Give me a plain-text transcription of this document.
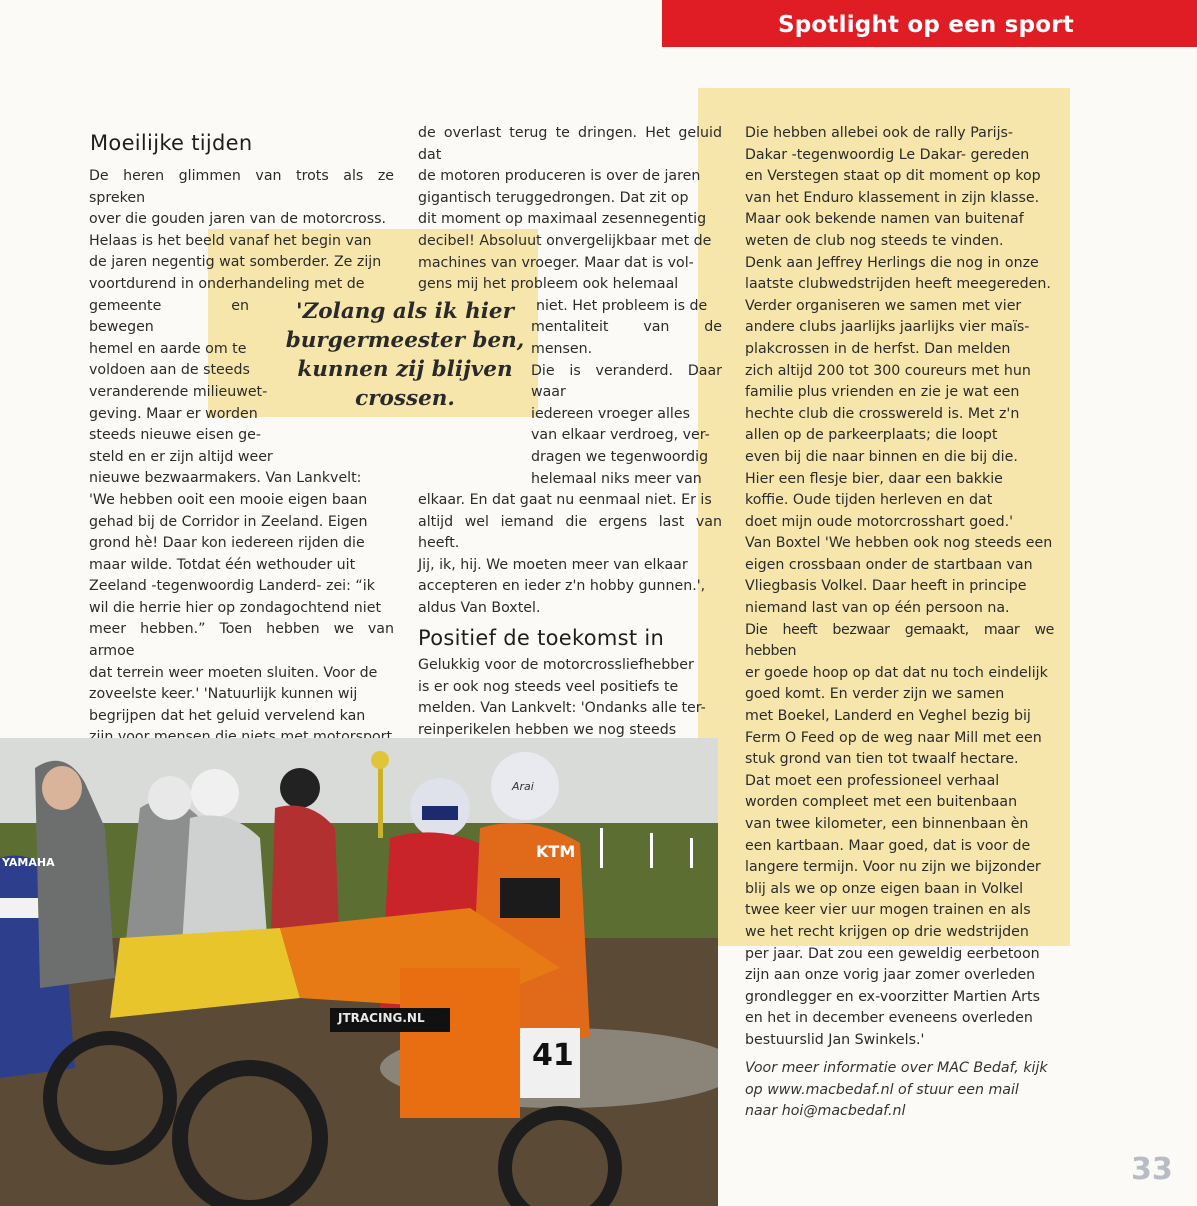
Spotlight op een sport
Moeilijke tijden

De heren glimmen van trots als ze spreken

over die gouden jaren van de motorcross.

Helaas is het beeld vanaf het begin van

de jaren negentig wat somberder. Ze zijn

voortdurend in onderhandeling met de

gemeente en bewegen

hemel en aarde om te

voldoen aan de steeds

veranderende milieuwet-

geving. Maar er worden

steeds nieuwe eisen ge-

steld en er zijn altijd weer

nieuwe bezwaarmakers. Van Lankvelt:

'We hebben ooit een mooie eigen baan

gehad bij de Corridor in Zeeland. Eigen

grond hè! Daar kon iedereen rijden die

maar wilde. Totdat één wethouder uit

Zeeland -tegenwoordig Landerd- zei: “ik

wil die herrie hier op zondagochtend niet

meer hebben.” Toen hebben we van armoe

dat terrein weer moeten sluiten. Voor de

zoveelste keer.' 'Natuurlijk kunnen wij

begrijpen dat het geluid vervelend kan

'Zolang als ik hier
burgermeester ben,
kunnen zij blijven
crossen.

de overlast terug te dringen. Het geluid dat

de motoren produceren is over de jaren

gigantisch teruggedrongen. Dat zit op

dit moment op maximaal zesennegentig

decibel! Absoluut onvergelijkbaar met de

machines van vroeger. Maar dat is vol-

gens mij het probleem ook helemaal

niet. Het probleem is de

mentaliteit van de mensen.

Die is veranderd. Daar waar

iedereen vroeger alles

van elkaar verdroeg, ver-

dragen we tegenwoordig

helemaal niks meer van

elkaar. En dat gaat nu eenmaal niet. Er is

altijd wel iemand die ergens last van heeft.

Jij, ik, hij. We moeten meer van elkaar

accepteren en ieder z'n hobby gunnen.',

aldus Van Boxtel.

Positief de toekomst in

Gelukkig voor de motorcrossliefhebber

is er ook nog steeds veel positiefs te

melden. Van Lankvelt: 'Ondanks alle ter-

reinperikelen hebben we nog steeds

Die hebben allebei ook de rally Parijs-

Dakar -tegenwoordig Le Dakar- gereden

en Verstegen staat op dit moment op kop

van het Enduro klassement in zijn klasse.

Maar ook bekende namen van buitenaf

weten de club nog steeds te vinden.

Denk aan Jeffrey Herlings die nog in onze

laatste clubwedstrijden heeft meegereden.

Verder organiseren we samen met vier

andere clubs jaarlijks jaarlijks vier maïs-

plakcrossen in de herfst. Dan melden

zich altijd 200 tot 300 coureurs met hun

familie plus vrienden en zie je wat een

hechte club die crosswereld is. Met z'n

allen op de parkeerplaats; die loopt

even bij die naar binnen en die bij die.

Hier een flesje bier, daar een bakkie

koffie. Oude tijden herleven en dat

doet mijn oude motorcrosshart goed.'

Van Boxtel 'We hebben ook nog steeds een

eigen crossbaan onder de startbaan van

Vliegbasis Volkel. Daar heeft in principe

niemand last van op één persoon na.

Die heeft bezwaar gemaakt, maar we hebben

er goede hoop op dat dat nu toch eindelijk

goed komt. En verder zijn we samen

met Boekel, Landerd en Veghel bezig bij

Ferm O Feed op de weg naar Mill met een

stuk grond van tien tot twaalf hectare.

Dat moet een professioneel verhaal

worden compleet met een buitenbaan

van twee kilometer, een binnenbaan èn

een kartbaan. Maar goed, dat is voor de

langere termijn. Voor nu zijn we bijzonder

blij als we op onze eigen baan in Volkel

twee keer vier uur mogen trainen en als

we het recht krijgen op drie wedstrijden

per jaar. Dat zou een geweldig eerbetoon

zijn aan onze vorig jaar zomer overleden

grondlegger en ex-voorzitter Martien Arts

en het in december eveneens overleden

bestuurslid Jan Swinkels.'

Voor meer informatie over MAC Bedaf, kijk
op www.macbedaf.nl of stuur een mail
naar hoi@macbedaf.nl
YAMAHA
Arai
KTM
JTRACING.NL
41
33
